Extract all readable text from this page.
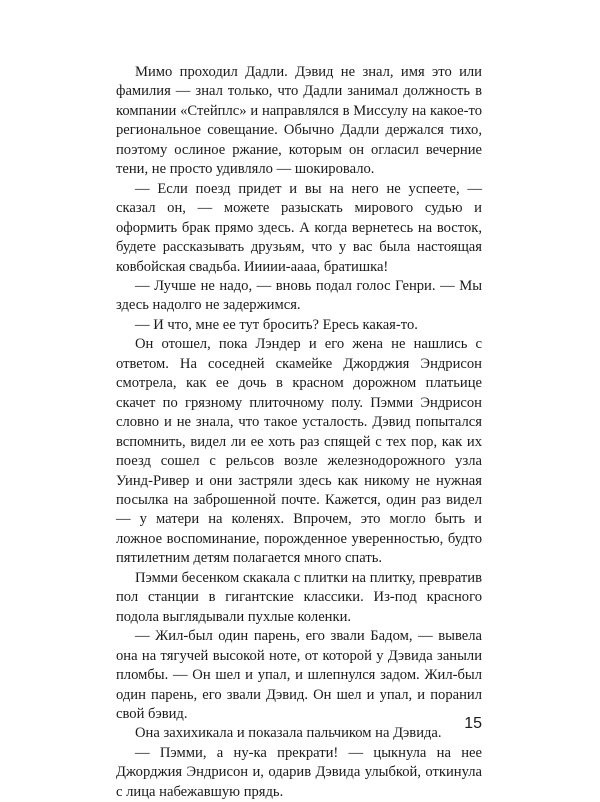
Мимо проходил Дадли. Дэвид не знал, имя это или фамилия — знал только, что Дадли занимал должность в компании «Стейплс» и направлялся в Миссулу на какое-то региональное совещание. Обычно Дадли держался тихо, поэтому ослиное ржание, которым он огласил вечерние тени, не просто удивляло — шокировало.

— Если поезд придет и вы на него не успеете, — сказал он, — можете разыскать мирового судью и оформить брак прямо здесь. А когда вернетесь на восток, будете рассказывать друзьям, что у вас была настоящая ковбойская свадьба. Иииии-аааа, братишка!

— Лучше не надо, — вновь подал голос Генри. — Мы здесь надолго не задержимся.

— И что, мне ее тут бросить? Ересь какая-то.

Он отошел, пока Лэндер и его жена не нашлись с ответом. На соседней скамейке Джорджия Эндрисон смотрела, как ее дочь в красном дорожном платьице скачет по грязному плиточному полу. Пэмми Эндрисон словно и не знала, что такое усталость. Дэвид попытался вспомнить, видел ли ее хоть раз спящей с тех пор, как их поезд сошел с рельсов возле железнодорожного узла Уинд-Ривер и они застряли здесь как никому не нужная посылка на заброшенной почте. Кажется, один раз видел — у матери на коленях. Впрочем, это могло быть и ложное воспоминание, порожденное уверенностью, будто пятилетним детям полагается много спать.

Пэмми бесенком скакала с плитки на плитку, превратив пол станции в гигантские классики. Из-под красного подола выглядывали пухлые коленки.

— Жил-был один парень, его звали Бадом, — вывела она на тягучей высокой ноте, от которой у Дэвида заныли пломбы. — Он шел и упал, и шлепнулся задом. Жил-был один парень, его звали Дэвид. Он шел и упал, и поранил свой бэвид.

Она захихикала и показала пальчиком на Дэвида.

— Пэмми, а ну-ка прекрати! — цыкнула на нее Джорджия Эндрисон и, одарив Дэвида улыбкой, откинула с лица набежавшую прядь.

15
